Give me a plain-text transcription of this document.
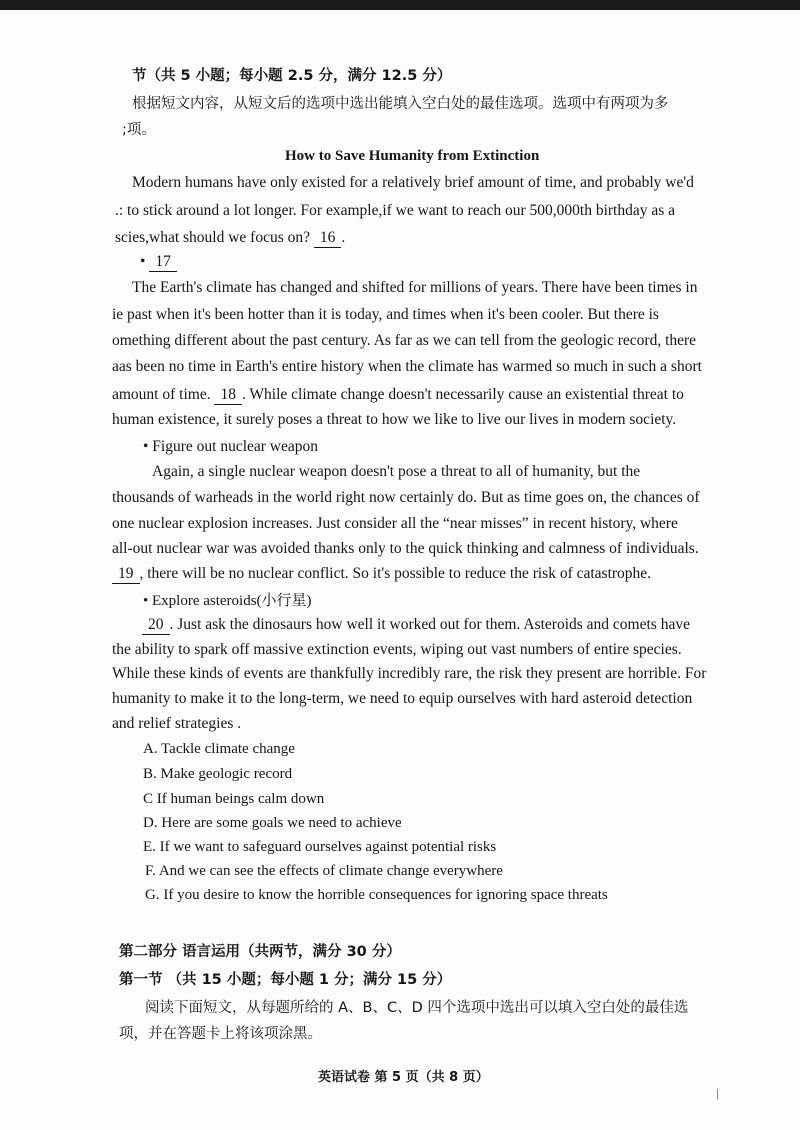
节（共 5 小题；每小题 2.5 分，满分 12.5 分）
根据短文内容，从短文后的选项中选出能填入空白处的最佳选项。选项中有两项为多
;项。
How to Save Humanity from Extinction
Modern humans have only existed for a relatively brief amount of time, and probably we'd
.: to stick around a lot longer. For example,if we want to reach our 500,000th birthday as a
scies,what should we focus on? 16 .
• 17
The Earth's climate has changed and shifted for millions of years. There have been times in
ie past when it's been hotter than it is today, and times when it's been cooler. But there is
omething different about the past century. As far as we can tell from the geologic record, there
aas been no time in Earth's entire history when the climate has warmed so much in such a short
amount of time. 18 . While climate change doesn't necessarily cause an existential threat to
human existence, it surely poses a threat to how we like to live our lives in modern society.
• Figure out nuclear weapon
Again, a single nuclear weapon doesn't pose a threat to all of humanity, but the
thousands of warheads in the world right now certainly do. But as time goes on, the chances of
one nuclear explosion increases. Just consider all the “near misses” in recent history, where
all-out nuclear war was avoided thanks only to the quick thinking and calmness of individuals.
19 , there will be no nuclear conflict. So it's possible to reduce the risk of catastrophe.
• Explore asteroids(小行星)
20 . Just ask the dinosaurs how well it worked out for them. Asteroids and comets have
the ability to spark off massive extinction events, wiping out vast numbers of entire species.
While these kinds of events are thankfully incredibly rare, the risk they present are horrible. For
humanity to make it to the long-term, we need to equip ourselves with hard asteroid detection
and relief strategies .
A. Tackle climate change
B. Make geologic record
C If human beings calm down
D. Here are some goals we need to achieve
E. If we want to safeguard ourselves against potential risks
F. And we can see the effects of climate change everywhere
G. If you desire to know the horrible consequences for ignoring space threats
第二部分 语言运用（共两节，满分 30 分）
第一节 （共 15 小题；每小题 1 分；满分 15 分）
阅读下面短文，从每题所给的 A、B、C、D 四个选项中选出可以填入空白处的最佳选
项，并在答题卡上将该项涂黑。
英语试卷 第 5 页（共 8 页）
